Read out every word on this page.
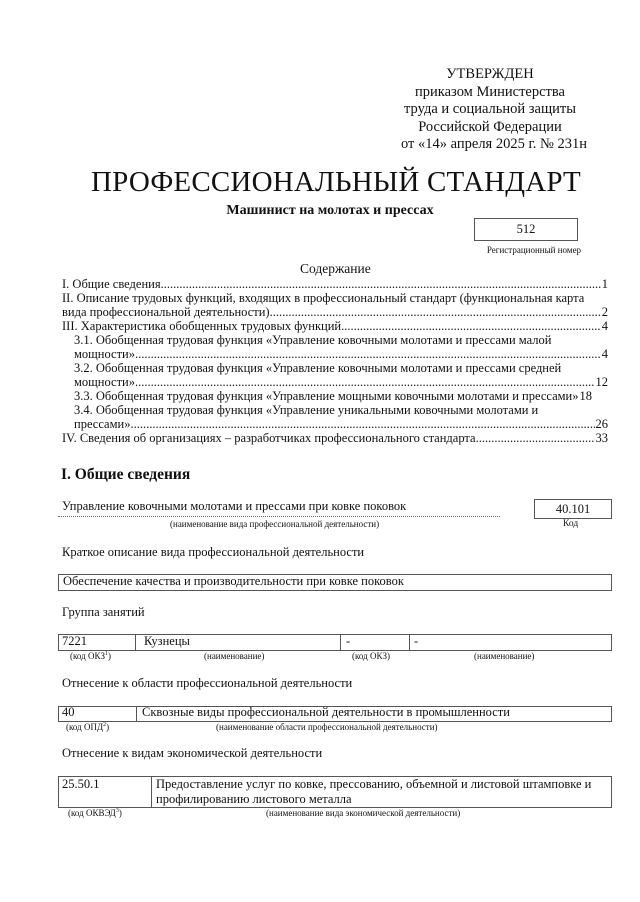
УТВЕРЖДЕН
приказом Министерства
труда и социальной защиты
Российской Федерации
от «14» апреля 2025 г. № 231н
ПРОФЕССИОНАЛЬНЫЙ СТАНДАРТ
Машинист на молотах и прессах
512
Регистрационный номер
Содержание
I. Общие сведения .....	1
II. Описание трудовых функций, входящих в профессиональный стандарт (функциональная карта
вида профессиональной деятельности) .....	2
III. Характеристика обобщенных трудовых функций .....	4
3.1. Обобщенная трудовая функция «Управление ковочными молотами и прессами малой
мощности» .....	4
3.2. Обобщенная трудовая функция «Управление ковочными молотами и прессами средней
мощности» .....	12
3.3. Обобщенная трудовая функция «Управление мощными ковочными молотами и прессами» 18
3.4. Обобщенная трудовая функция «Управление уникальными ковочными молотами и
прессами» .....	26
IV. Сведения об организациях – разработчиках профессионального стандарта .....	33
I. Общие сведения
Управление ковочными молотами и прессами при ковке поковок
(наименование вида профессиональной деятельности)
40.101
Код
Краткое описание вида профессиональной деятельности
Обеспечение качества и производительности при ковке поковок
Группа занятий
7221	Кузнецы	-	-
(код ОКЗ$^1$)	(наименование)	(код ОКЗ)	(наименование)
Отнесение к области профессиональной деятельности
40	Сквозные виды профессиональной деятельности в промышленности
(код ОПД$^2$)	(наименование области профессиональной деятельности)
Отнесение к видам экономической деятельности
25.50.1	Предоставление услуг по ковке, прессованию, объемной и листовой штамповке и профилированию листового металла
(код ОКВЭД$^3$)	(наименование вида экономической деятельности)
